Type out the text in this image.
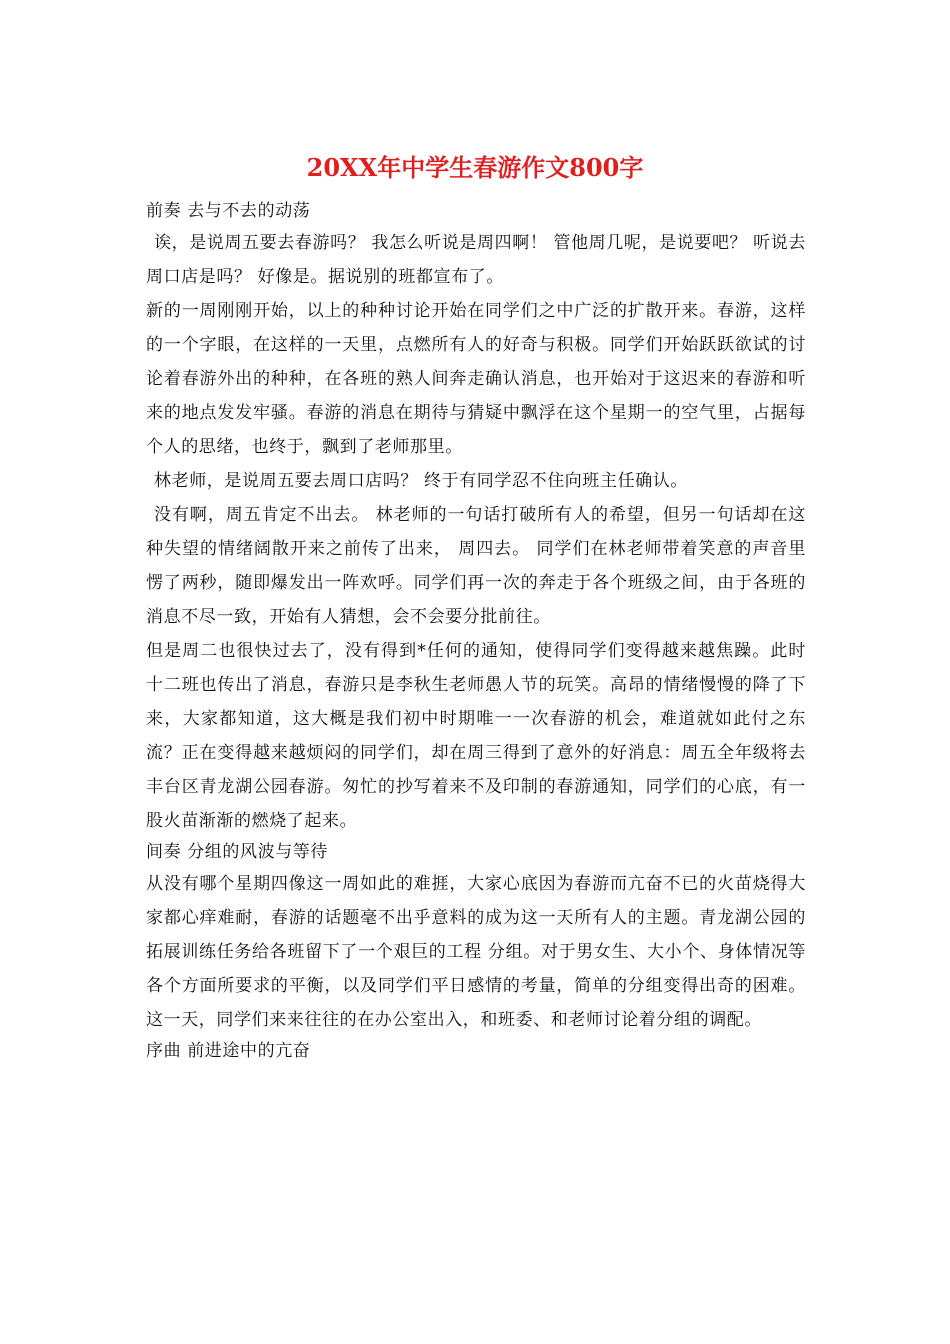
20XX年中学生春游作文800字

前奏 去与不去的动荡

诶，是说周五要去春游吗？ 我怎么听说是周四啊！ 管他周几呢，是说要吧？ 听说去周口店是吗？ 好像是。据说别的班都宣布了。

新的一周刚刚开始，以上的种种讨论开始在同学们之中广泛的扩散开来。春游，这样的一个字眼，在这样的一天里，点燃所有人的好奇与积极。同学们开始跃跃欲试的讨论着春游外出的种种，在各班的熟人间奔走确认消息，也开始对于这迟来的春游和听来的地点发发牢骚。春游的消息在期待与猜疑中飘浮在这个星期一的空气里，占据每个人的思绪，也终于，飘到了老师那里。

林老师，是说周五要去周口店吗？ 终于有同学忍不住向班主任确认。

没有啊，周五肯定不出去。 林老师的一句话打破所有人的希望，但另一句话却在这种失望的情绪阔散开来之前传了出来， 周四去。 同学们在林老师带着笑意的声音里愣了两秒，随即爆发出一阵欢呼。同学们再一次的奔走于各个班级之间，由于各班的消息不尽一致，开始有人猜想，会不会要分批前往。

但是周二也很快过去了，没有得到*任何的通知，使得同学们变得越来越焦躁。此时十二班也传出了消息，春游只是李秋生老师愚人节的玩笑。高昂的情绪慢慢的降了下来，大家都知道，这大概是我们初中时期唯一一次春游的机会，难道就如此付之东流？正在变得越来越烦闷的同学们，却在周三得到了意外的好消息：周五全年级将去丰台区青龙湖公园春游。匆忙的抄写着来不及印制的春游通知，同学们的心底，有一股火苗渐渐的燃烧了起来。

间奏 分组的风波与等待

从没有哪个星期四像这一周如此的难捱，大家心底因为春游而亢奋不已的火苗烧得大家都心痒难耐，春游的话题毫不出乎意料的成为这一天所有人的主题。青龙湖公园的拓展训练任务给各班留下了一个艰巨的工程 分组。对于男女生、大小个、身体情况等各个方面所要求的平衡，以及同学们平日感情的考量，简单的分组变得出奇的困难。这一天，同学们来来往往的在办公室出入，和班委、和老师讨论着分组的调配。

序曲 前进途中的亢奋
